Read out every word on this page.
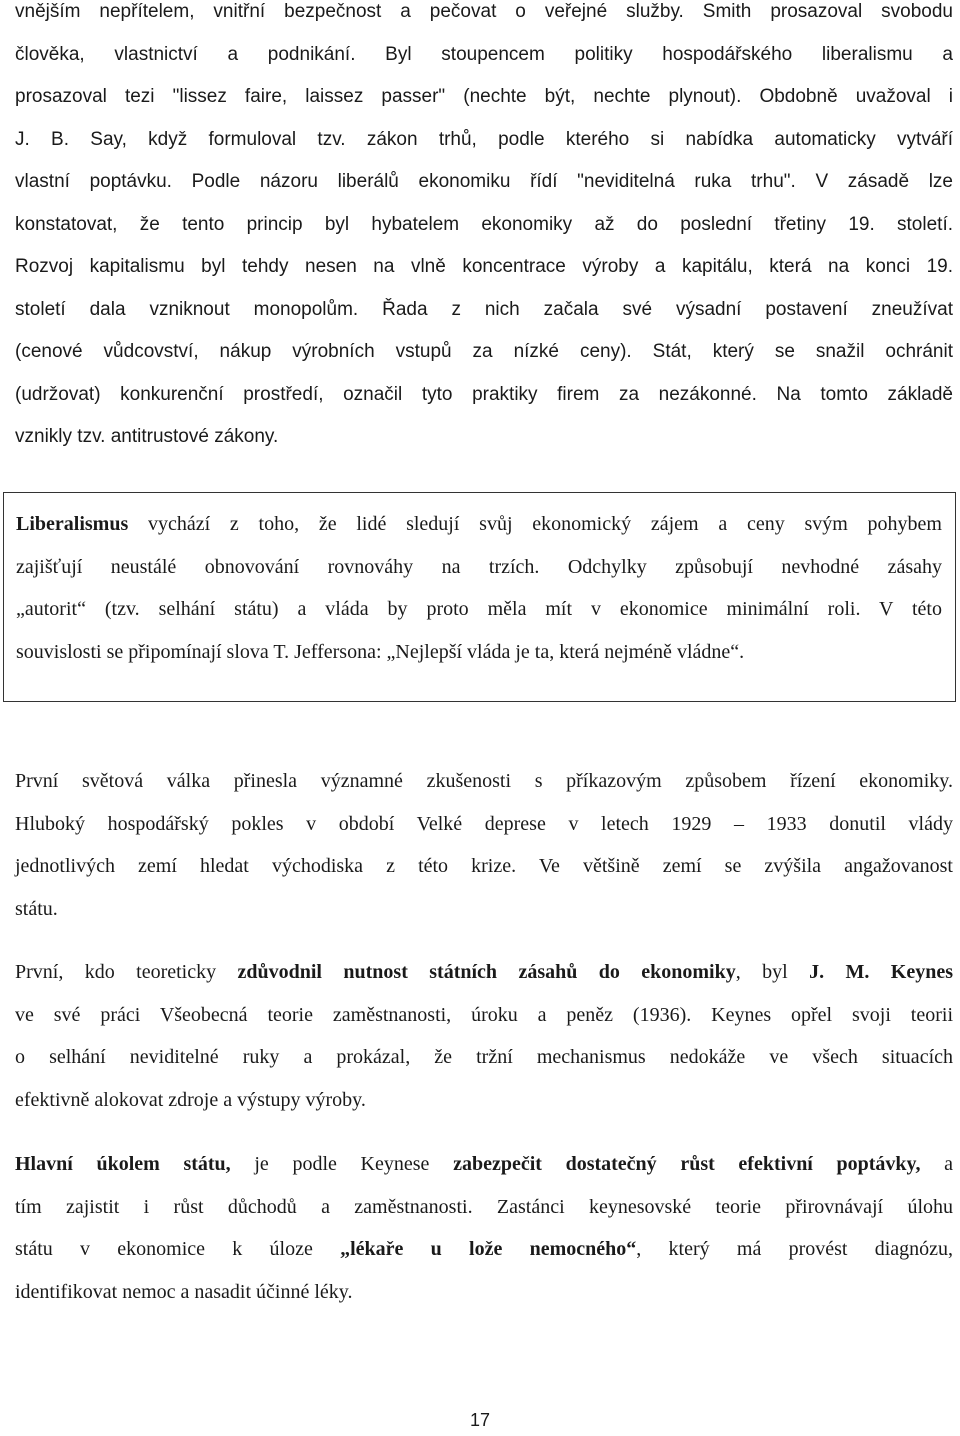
vnějším nepřítelem, vnitřní bezpečnost a pečovat o veřejné služby. Smith prosazoval svobodu
člověka, vlastnictví a podnikání. Byl stoupencem politiky hospodářského liberalismu a
prosazoval tezi "lissez faire, laissez passer" (nechte být, nechte plynout). Obdobně uvažoval i
J. B. Say, když formuloval tzv. zákon trhů, podle kterého si nabídka automaticky vytváří
vlastní poptávku. Podle názoru liberálů ekonomiku řídí "neviditelná ruka trhu". V zásadě lze
konstatovat, že tento princip byl hybatelem ekonomiky až do poslední třetiny 19. století.
Rozvoj kapitalismu byl tehdy nesen na vlně koncentrace výroby a kapitálu, která na konci 19.
století dala vzniknout monopolům. Řada z nich začala své výsadní postavení zneužívat
(cenové vůdcovství, nákup výrobních vstupů za nízké ceny). Stát, který se snažil ochránit
(udržovat) konkurenční prostředí, označil tyto praktiky firem za nezákonné. Na tomto základě
vznikly tzv. antitrustové zákony.
Liberalismus vychází z toho, že lidé sledují svůj ekonomický zájem a ceny svým pohybem
zajišťují neustálé obnovování rovnováhy na trzích. Odchylky způsobují nevhodné zásahy
„autorit“ (tzv. selhání státu) a vláda by proto měla mít v ekonomice minimální roli. V této
souvislosti se připomínají slova T. Jeffersona: „Nejlepší vláda je ta, která nejméně vládne“.
První světová válka přinesla významné zkušenosti s příkazovým způsobem řízení ekonomiky.
Hluboký hospodářský pokles v období Velké deprese v letech 1929 – 1933 donutil vlády
jednotlivých zemí hledat východiska z této krize. Ve většině zemí se zvýšila angažovanost
státu.
První, kdo teoreticky zdůvodnil nutnost státních zásahů do ekonomiky, byl J. M. Keynes
ve své práci Všeobecná teorie zaměstnanosti, úroku a peněz (1936). Keynes opřel svoji teorii
o selhání neviditelné ruky a prokázal, že tržní mechanismus nedokáže ve všech situacích
efektivně alokovat zdroje a výstupy výroby.
Hlavní úkolem státu, je podle Keynese zabezpečit dostatečný růst efektivní poptávky, a
tím zajistit i růst důchodů a zaměstnanosti. Zastánci keynesovské teorie přirovnávají úlohu
státu v ekonomice k úloze „lékaře u lože nemocného“, který má provést diagnózu,
identifikovat nemoc a nasadit účinné léky.
17
